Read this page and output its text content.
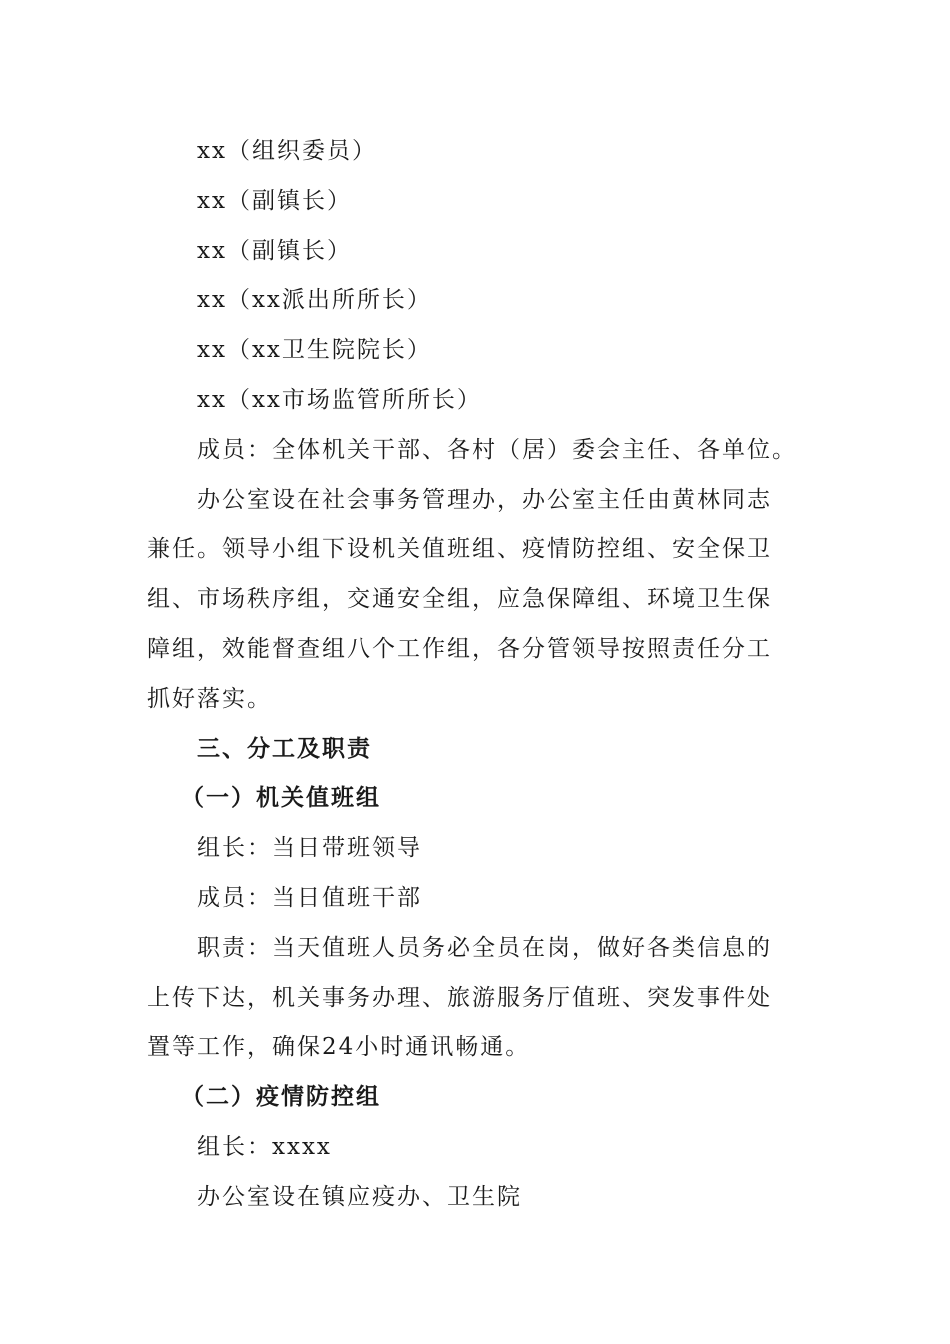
xx（组织委员）
xx（副镇长）
xx（副镇长）
xx（xx派出所所长）
xx（xx卫生院院长）
xx（xx市场监管所所长）
成员：全体机关干部、各村（居）委会主任、各单位。
办公室设在社会事务管理办，办公室主任由黄林同志
兼任。领导小组下设机关值班组、疫情防控组、安全保卫
组、市场秩序组，交通安全组，应急保障组、环境卫生保
障组，效能督查组八个工作组，各分管领导按照责任分工
抓好落实。
三、分工及职责
（一）机关值班组
组长：当日带班领导
成员：当日值班干部
职责：当天值班人员务必全员在岗，做好各类信息的
上传下达，机关事务办理、旅游服务厅值班、突发事件处
置等工作，确保24小时通讯畅通。
（二）疫情防控组
组长：xxxx
办公室设在镇应疫办、卫生院
